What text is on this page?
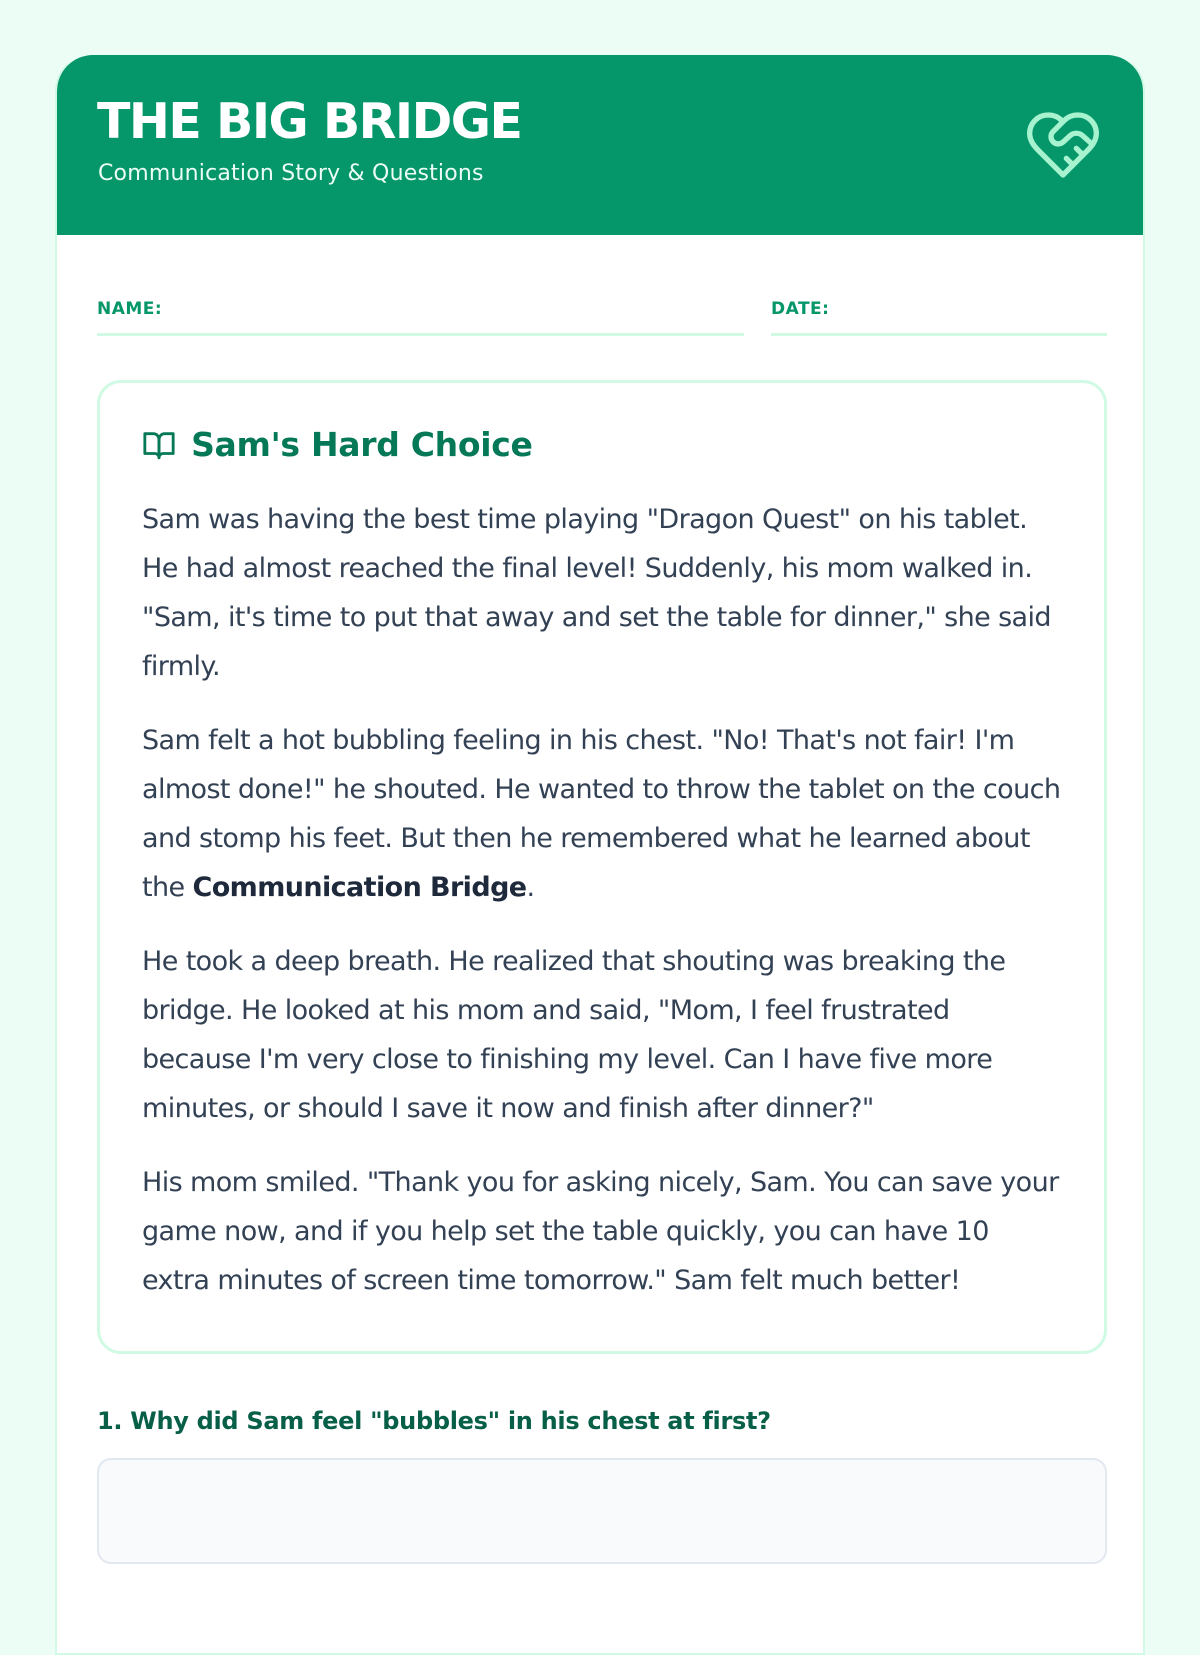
THE BIG BRIDGE
Communication Story & Questions
NAME:	DATE:
Sam's Hard Choice

Sam was having the best time playing "Dragon Quest" on his tablet. He had almost reached the final level! Suddenly, his mom walked in. "Sam, it's time to put that away and set the table for dinner," she said firmly.

Sam felt a hot bubbling feeling in his chest. "No! That's not fair! I'm almost done!" he shouted. He wanted to throw the tablet on the couch and stomp his feet. But then he remembered what he learned about the Communication Bridge.

He took a deep breath. He realized that shouting was breaking the bridge. He looked at his mom and said, "Mom, I feel frustrated because I'm very close to finishing my level. Can I have five more minutes, or should I save it now and finish after dinner?"

His mom smiled. "Thank you for asking nicely, Sam. You can save your game now, and if you help set the table quickly, you can have 10 extra minutes of screen time tomorrow." Sam felt much better!

1. Why did Sam feel "bubbles" in his chest at first?
